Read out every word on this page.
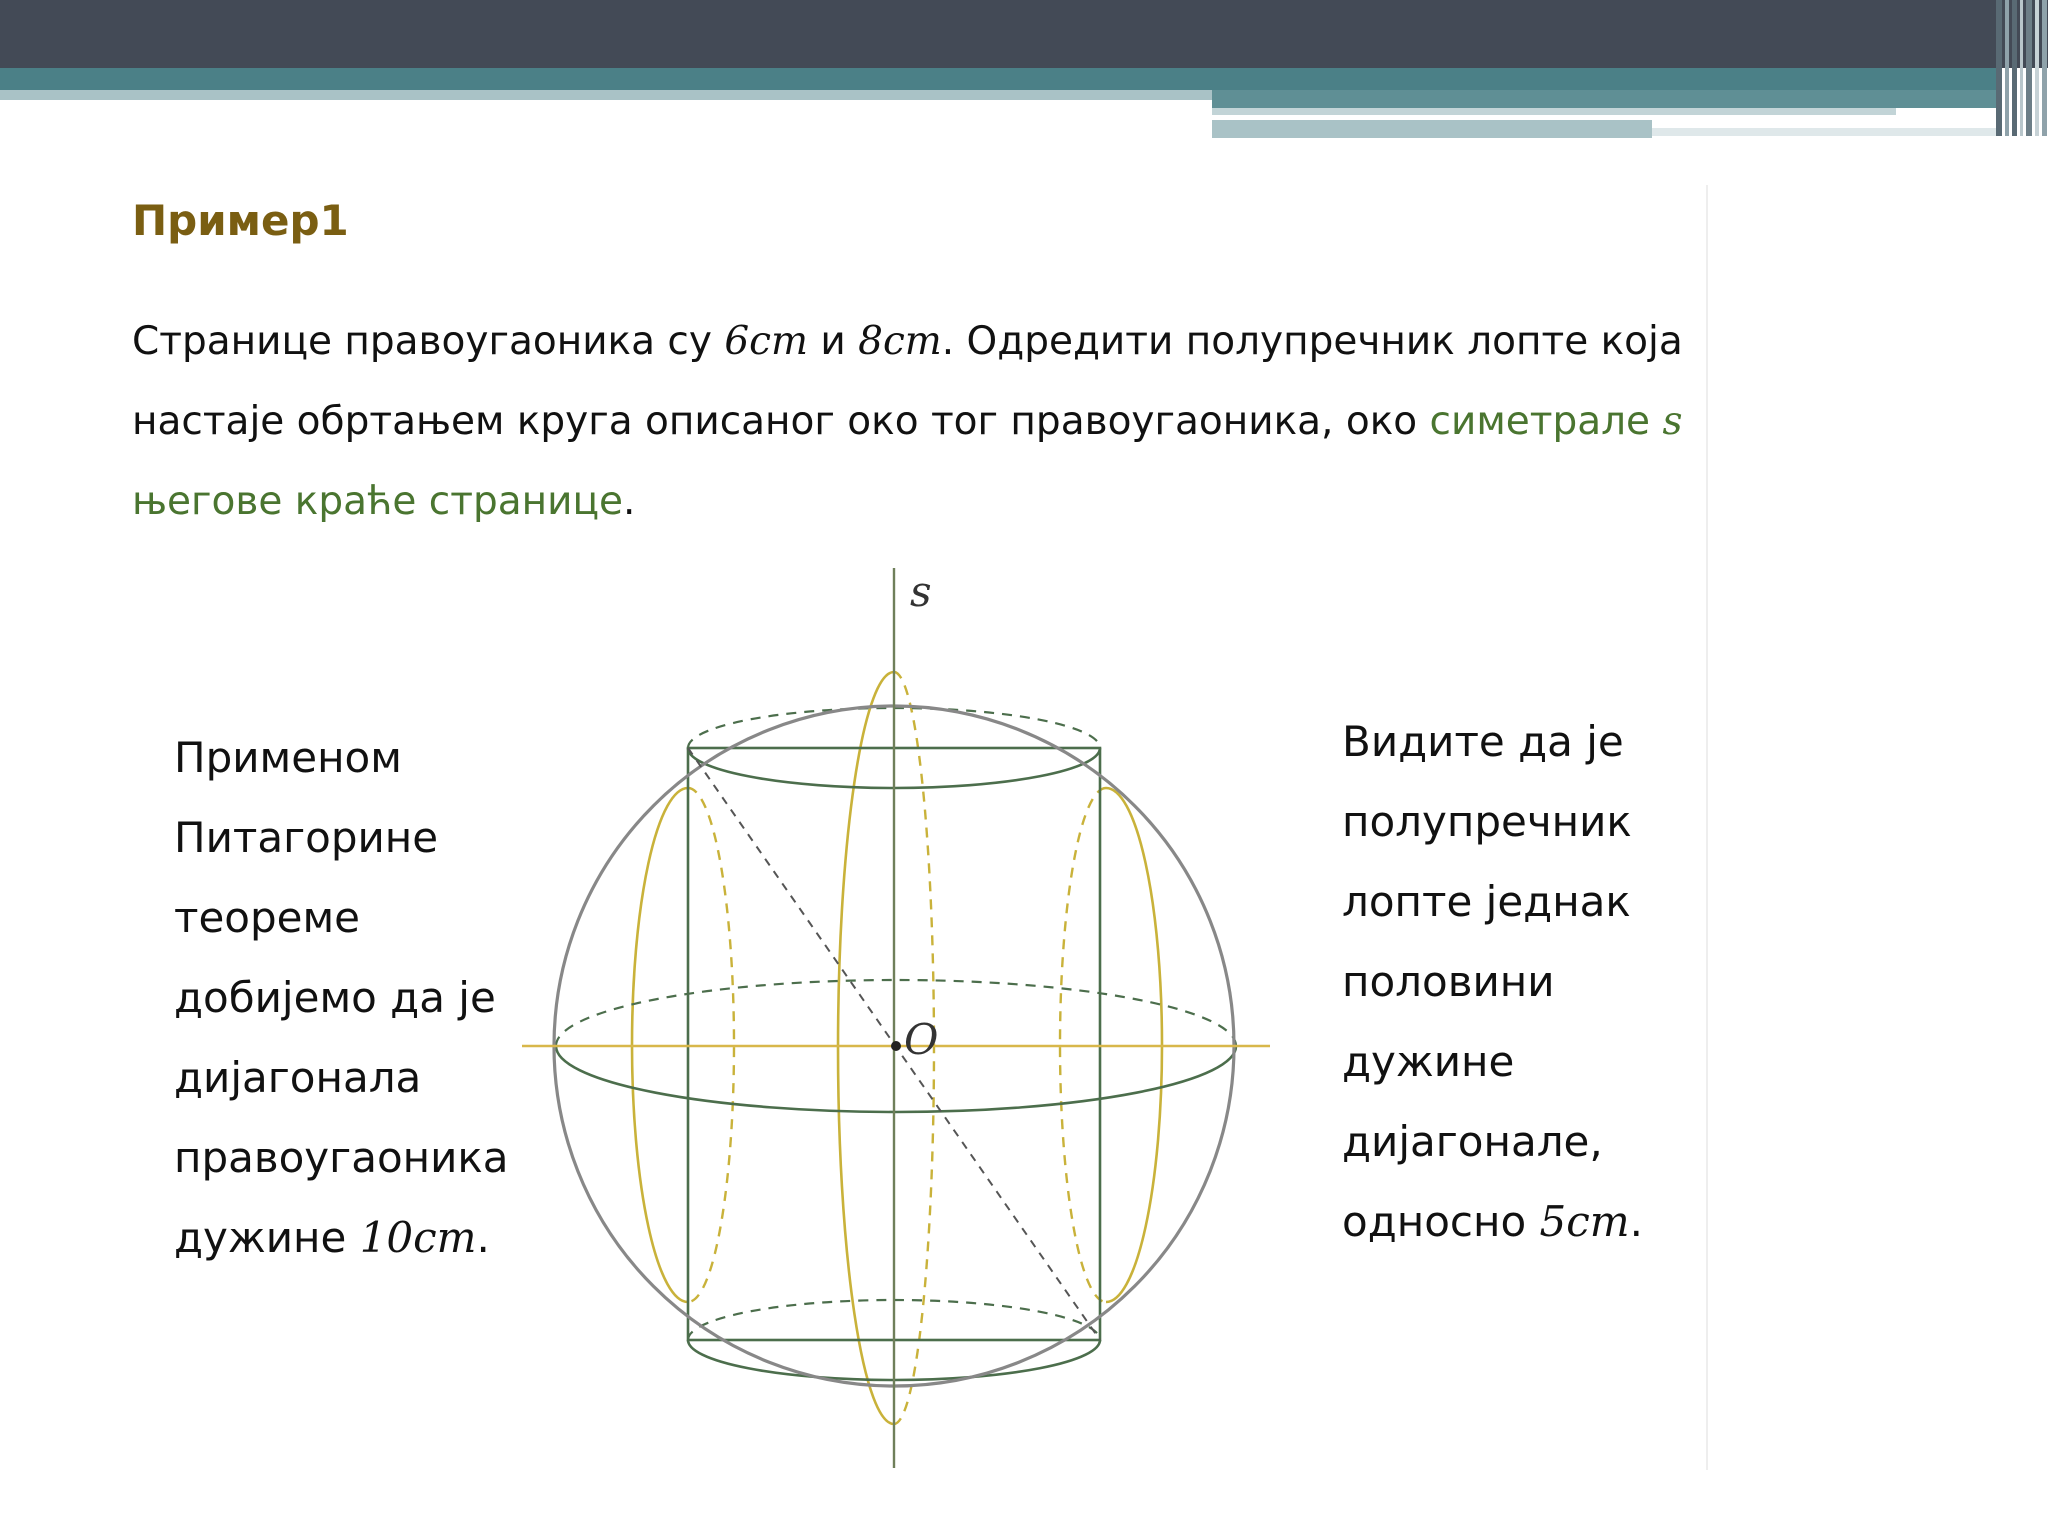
Пример1

Странице правоугаоника су 6cm и 8cm. Одредити полупречник лопте која настаје обртањем круга описаног око тог правоугаоника, око симетрале s
његове краће странице.

Применом
Питагорине
теореме
добијемо да је
дијагонала
правоугаоника
дужине 10cm.

Видите да је
полупречник
лопте једнак
половини
дужине
дијагонале,
односно 5cm.

s
O
